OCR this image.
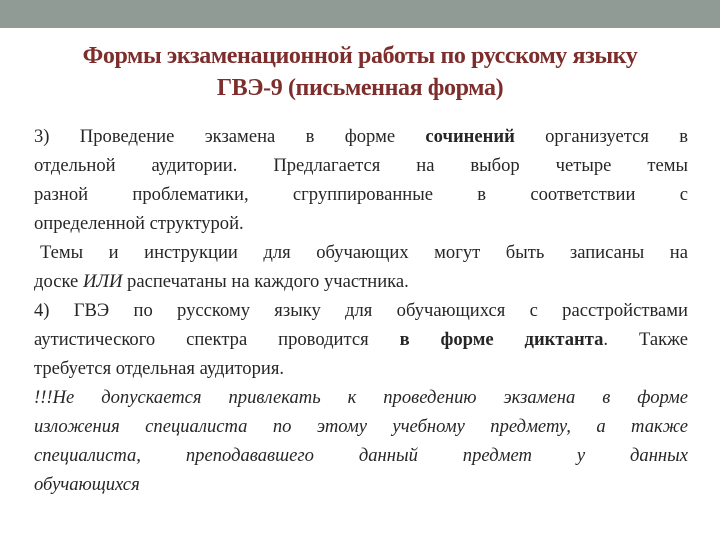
Формы экзаменационной работы по русскому языку
ГВЭ-9 (письменная форма)
3) Проведение экзамена в форме сочинений организуется в
отдельной аудитории. Предлагается на выбор четыре темы
разной проблематики, сгруппированные в соответствии с
определенной структурой.
Темы и инструкции для обучающих могут быть записаны на
доске ИЛИ распечатаны на каждого участника.
4) ГВЭ по русскому языку для обучающихся с расстройствами
аутистического спектра проводится в форме диктанта. Также
требуется отдельная аудитория.
!!!Не допускается привлекать к проведению экзамена в форме
изложения специалиста по этому учебному предмету, а также
специалиста, преподававшего данный предмет у данных
обучающихся
